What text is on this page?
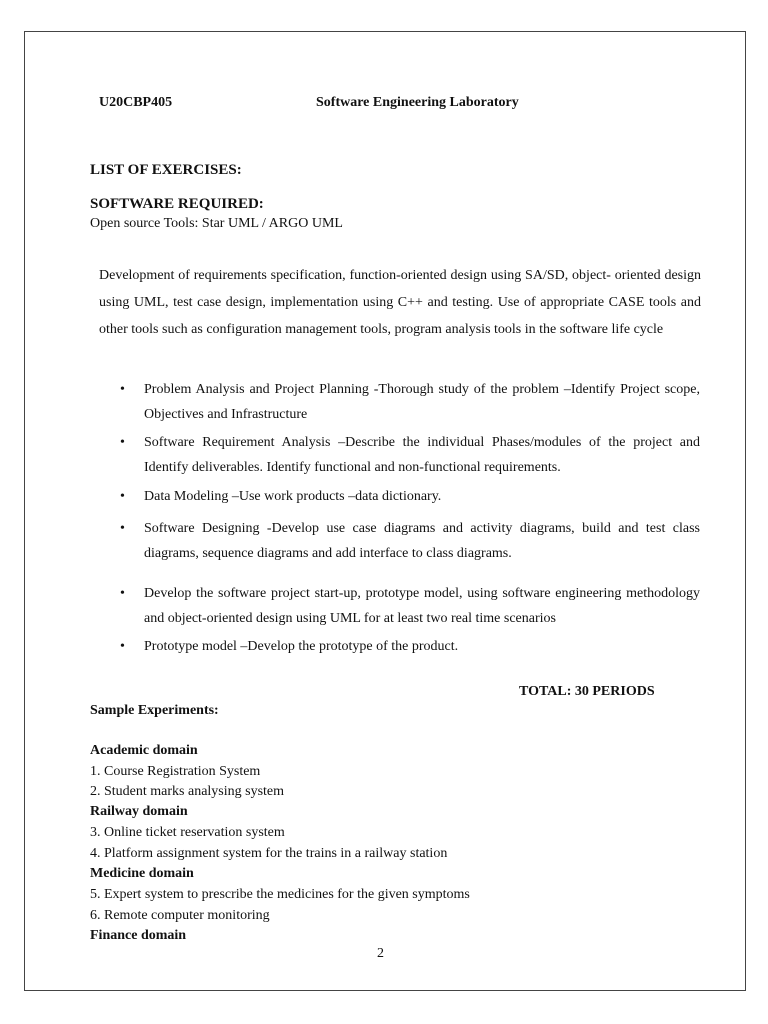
U20CBP405	Software Engineering Laboratory
LIST OF EXERCISES:
SOFTWARE REQUIRED:
Open source Tools: Star UML / ARGO UML
Development of requirements specification, function-oriented design using SA/SD, object- oriented design using UML, test case design, implementation using C++ and testing. Use of appropriate CASE tools and other tools such as configuration management tools, program analysis tools in the software life cycle
• Problem Analysis and Project Planning -Thorough study of the problem –Identify Project scope, Objectives and Infrastructure
• Software Requirement Analysis –Describe the individual Phases/modules of the project and Identify deliverables. Identify functional and non-functional requirements.
• Data Modeling –Use work products –data dictionary.
• Software Designing -Develop use case diagrams and activity diagrams, build and test class diagrams, sequence diagrams and add interface to class diagrams.
• Develop the software project start-up, prototype model, using software engineering methodology and object-oriented design using UML for at least two real time scenarios
• Prototype model –Develop the prototype of the product.
TOTAL: 30 PERIODS
Sample Experiments:
Academic domain
1. Course Registration System
2. Student marks analysing system
Railway domain
3. Online ticket reservation system
4. Platform assignment system for the trains in a railway station
Medicine domain
5. Expert system to prescribe the medicines for the given symptoms
6. Remote computer monitoring
Finance domain
2
